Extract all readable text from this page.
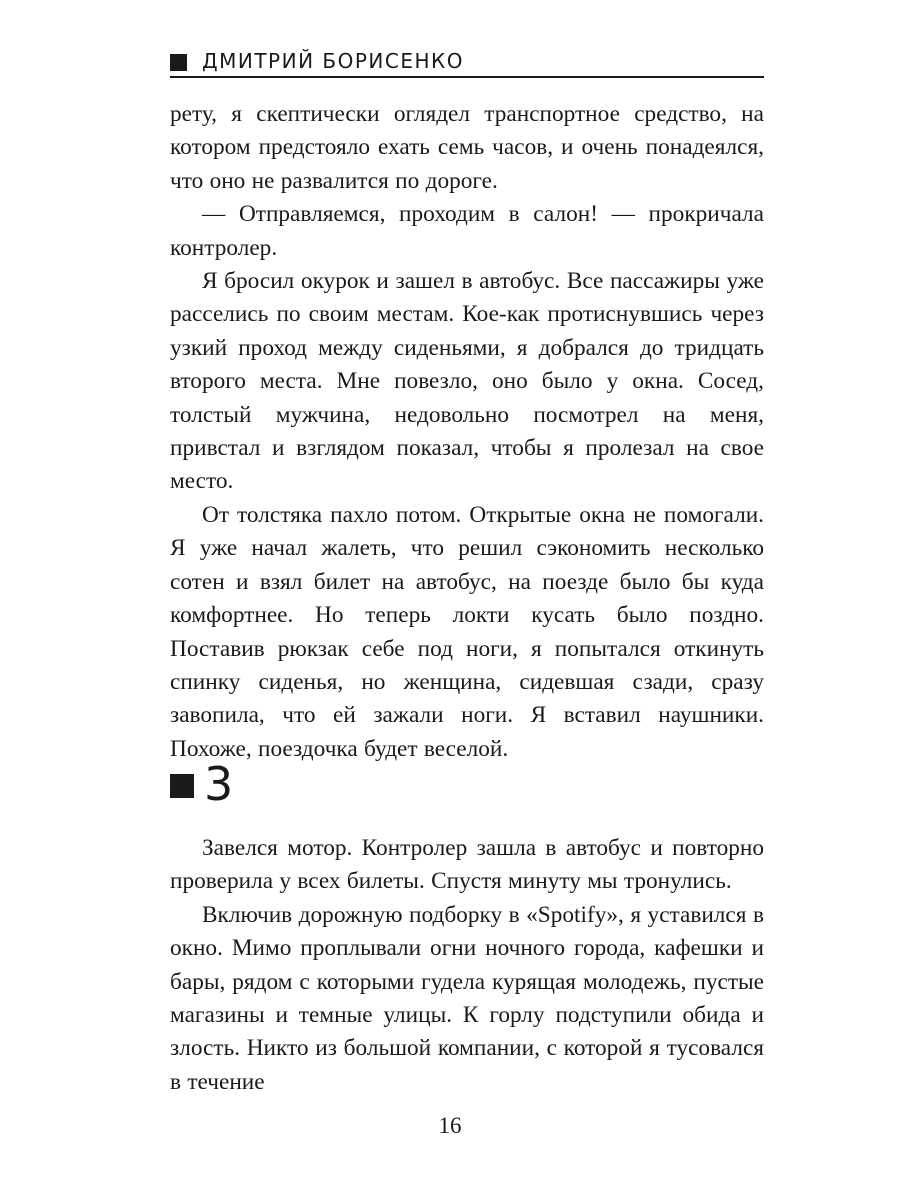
ДМИТРИЙ БОРИСЕНКО

рету, я скептически оглядел транспортное средство, на котором предстояло ехать семь часов, и очень понадеялся, что оно не развалится по дороге.

— Отправляемся, проходим в салон! — прокричала контролер.

Я бросил окурок и зашел в автобус. Все пассажиры уже расселись по своим местам. Кое-как протиснувшись через узкий проход между сиденьями, я добрался до тридцать второго места. Мне повезло, оно было у окна. Сосед, толстый мужчина, недовольно посмотрел на меня, привстал и взглядом показал, чтобы я пролезал на свое место.

От толстяка пахло потом. Открытые окна не помогали. Я уже начал жалеть, что решил сэкономить несколько сотен и взял билет на автобус, на поезде было бы куда комфортнее. Но теперь локти кусать было поздно. Поставив рюкзак себе под ноги, я попытался откинуть спинку сиденья, но женщина, сидевшая сзади, сразу завопила, что ей зажали ноги. Я вставил наушники. Похоже, поездочка будет веселой.

3

Завелся мотор. Контролер зашла в автобус и повторно проверила у всех билеты. Спустя минуту мы тронулись.

Включив дорожную подборку в «Spotify», я уставился в окно. Мимо проплывали огни ночного города, кафешки и бары, рядом с которыми гудела курящая молодежь, пустые магазины и темные улицы. К горлу подступили обида и злость. Никто из большой компании, с которой я тусовался в течение

16
